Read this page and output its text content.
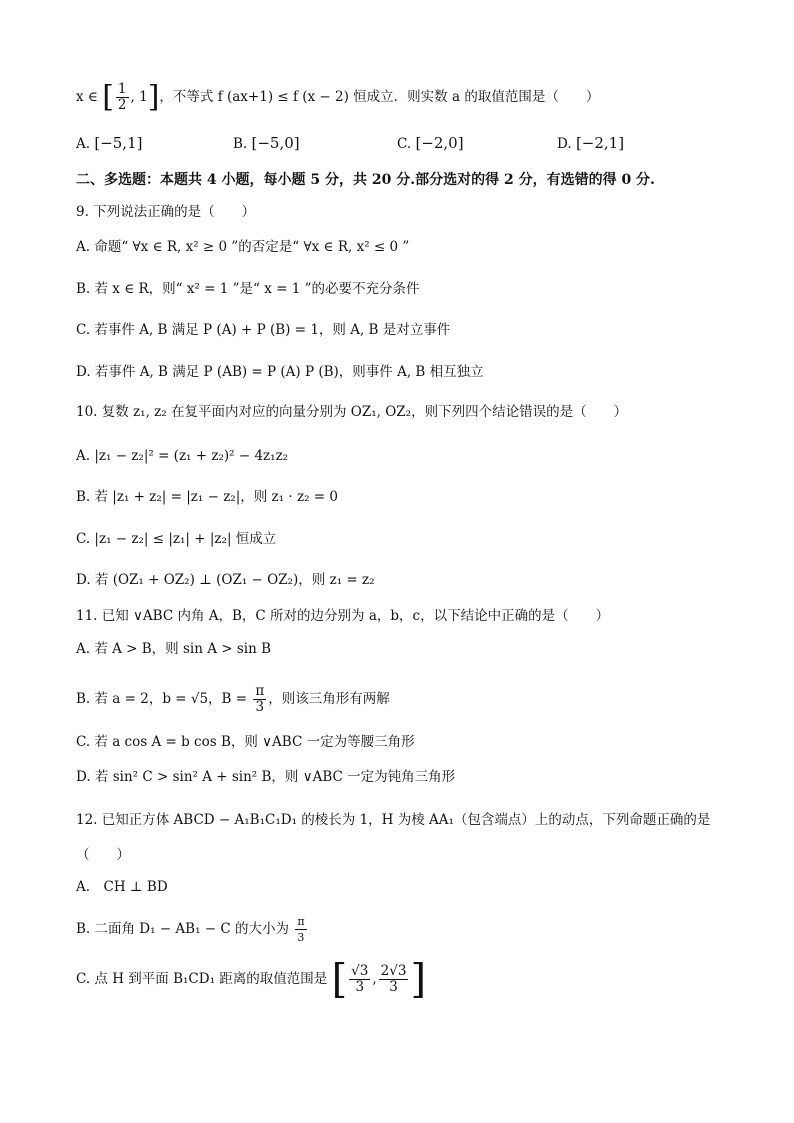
x ∈ [ $\frac{1}{2}$ , 1]，不等式 f (ax+1) ≤ f (x − 2) 恒成立．则实数 a 的取值范围是（　　）
A. [−5,1]	B. [−5,0]	C. [−2,0]	D. [−2,1]
二、多选题：本题共 4 小题，每小题 5 分，共 20 分.部分选对的得 2 分，有选错的得 0 分.
9. 下列说法正确的是（　　）
A. 命题“ ∀x ∈ R, x² ≥ 0 ”的否定是“ ∀x ∈ R, x² ≤ 0 ”
B. 若 x ∈ R，则“ x² = 1 ”是“ x = 1 ”的必要不充分条件
C. 若事件 A, B 满足 P (A) + P (B) = 1，则 A, B 是对立事件
D. 若事件 A, B 满足 P (AB) = P (A) P (B)，则事件 A, B 相互独立
10. 复数 z₁, z₂ 在复平面内对应的向量分别为 OZ₁, OZ₂，则下列四个结论错误的是（　　）
A. |z₁ − z₂|² = (z₁ + z₂)² − 4z₁z₂
B. 若 |z₁ + z₂| = |z₁ − z₂|，则 z₁ · z₂ = 0
C. |z₁ − z₂| ≤ |z₁| + |z₂| 恒成立
D. 若 (OZ₁ + OZ₂) ⊥ (OZ₁ − OZ₂)，则 z₁ = z₂
11. 已知 ∨ABC 内角 A，B，C 所对的边分别为 a，b，c，以下结论中正确的是（　　）
A. 若 A > B，则 sin A > sin B
B. 若 a = 2，b = √5，$B = \frac{\pi}{3}$ ，则该三角形有两解
C. 若 a cos A = b cos B，则 ∨ABC 一定为等腰三角形
D. 若 sin² C > sin² A + sin² B，则 ∨ABC 一定为钝角三角形
12. 已知正方体 ABCD − A₁B₁C₁D₁ 的棱长为 1，H 为棱 AA₁（包含端点）上的动点，下列命题正确的是
（　　）
A.　CH ⊥ BD
B. 二面角 D₁ − AB₁ − C 的大小为 $\frac{\pi}{3}$
C. 点 H 到平面 B₁CD₁ 距离的取值范围是 [ $\frac{√3}{3}$ , $\frac{2√3}{3}$ ]
